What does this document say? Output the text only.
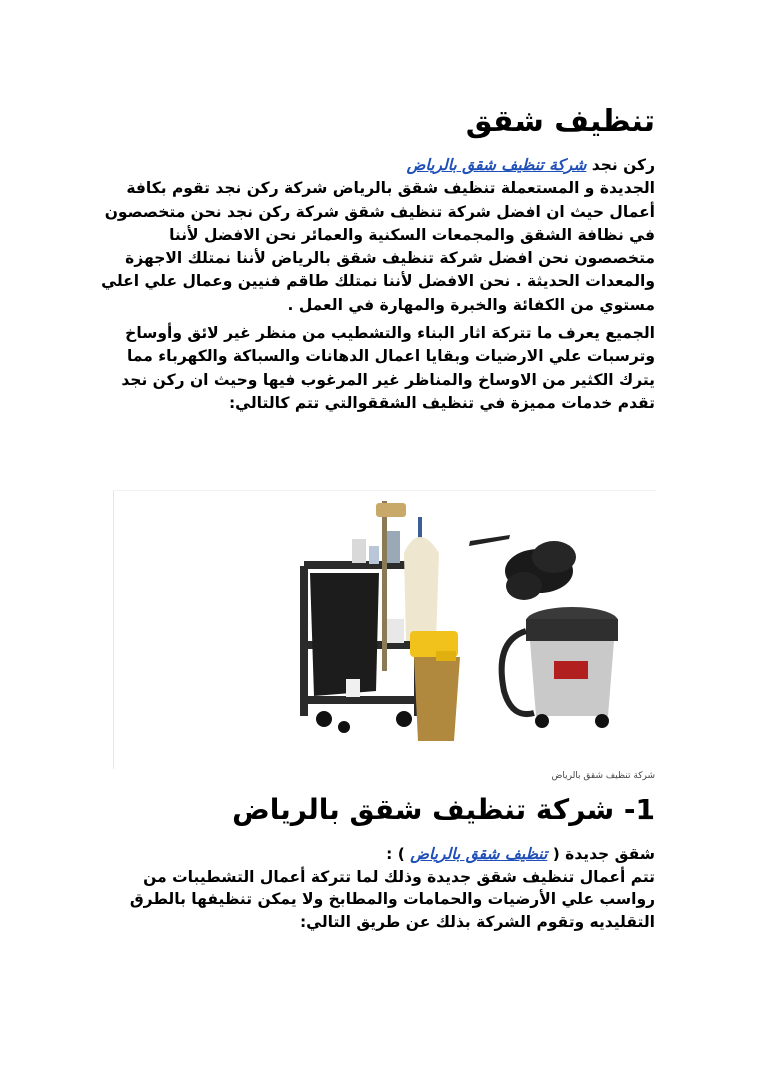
تنظيف شقق

ركن نجد شركة تنظيف شقق بالرياض
الجديدة و المستعملة تنظيف شقق بالرياض شركة ركن نجد تقوم بكافة أعمال حيث ان افضل شركة تنظيف شقق شركة ركن نجد نحن متخصصون في نظافة الشقق والمجمعات السكنية والعمائر نحن الافضل لأننا متخصصون نحن افضل شركة تنظيف شقق بالرياض لأننا نمتلك الاجهزة والمعدات الحديثة . نحن الافضل لأننا نمتلك طاقم فنيين وعمال علي اعلي مستوي من الكفائة والخبرة والمهارة في العمل .

الجميع يعرف ما تتركة اثار البناء والتشطيب من منظر غير لائق وأوساخ وترسبات علي الارضيات وبقايا اعمال الدهانات والسباكة والكهرباء مما يترك الكثير من الاوساخ والمناظر غير المرغوب فيها وحيث ان ركن نجد تقدم خدمات مميزة في تنظيف الشققوالتي تتم كالتالي:

شركة تنظيف شقق بالرياض
1- شركة تنظيف شقق بالرياض

شقق جديدة ( تنظيف شقق بالرياض ) :
تتم أعمال تنظيف شقق جديدة وذلك لما تتركة أعمال التشطيبات من رواسب علي الأرضيات والحمامات والمطابخ ولا يمكن تنظيفها بالطرق التقليديه وتقوم الشركة بذلك عن طريق التالي:
